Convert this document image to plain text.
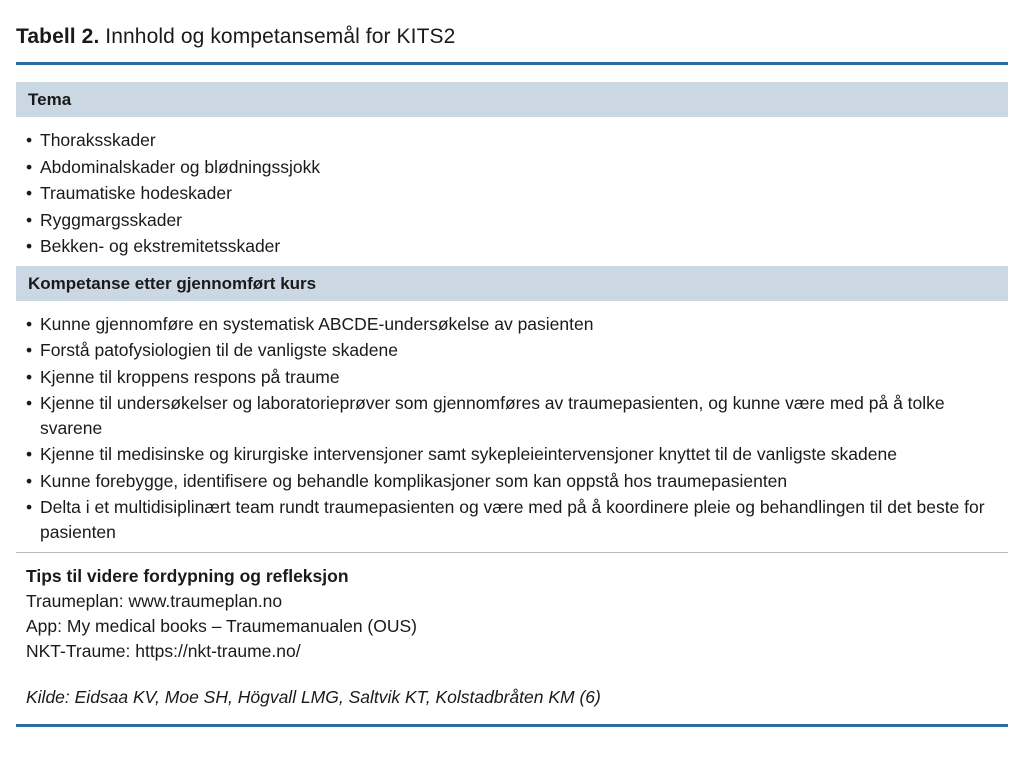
Tabell 2. Innhold og kompetansemål for KITS2
Tema
• Thoraksskader
• Abdominalskader og blødningssjokk
• Traumatiske hodeskader
• Ryggmargsskader
• Bekken- og ekstremitetsskader
Kompetanse etter gjennomført kurs
• Kunne gjennomføre en systematisk ABCDE-undersøkelse av pasienten
• Forstå patofysiologien til de vanligste skadene
• Kjenne til kroppens respons på traume
• Kjenne til undersøkelser og laboratorieprøver som gjennomføres av traumepasienten, og kunne være med på å tolke svarene
• Kjenne til medisinske og kirurgiske intervensjoner samt sykepleieintervensjoner knyttet til de vanligste skadene
• Kunne forebygge, identifisere og behandle komplikasjoner som kan oppstå hos traumepasienten
• Delta i et multidisiplinært team rundt traumepasienten og være med på å koordinere pleie og behandlingen til det beste for pasienten
Tips til videre fordypning og refleksjon
Traumeplan: www.traumeplan.no
App: My medical books – Traumemanualen (OUS)
NKT-Traume: https://nkt-traume.no/
Kilde: Eidsaa KV, Moe SH, Högvall LMG, Saltvik KT, Kolstadbråten KM (6)
